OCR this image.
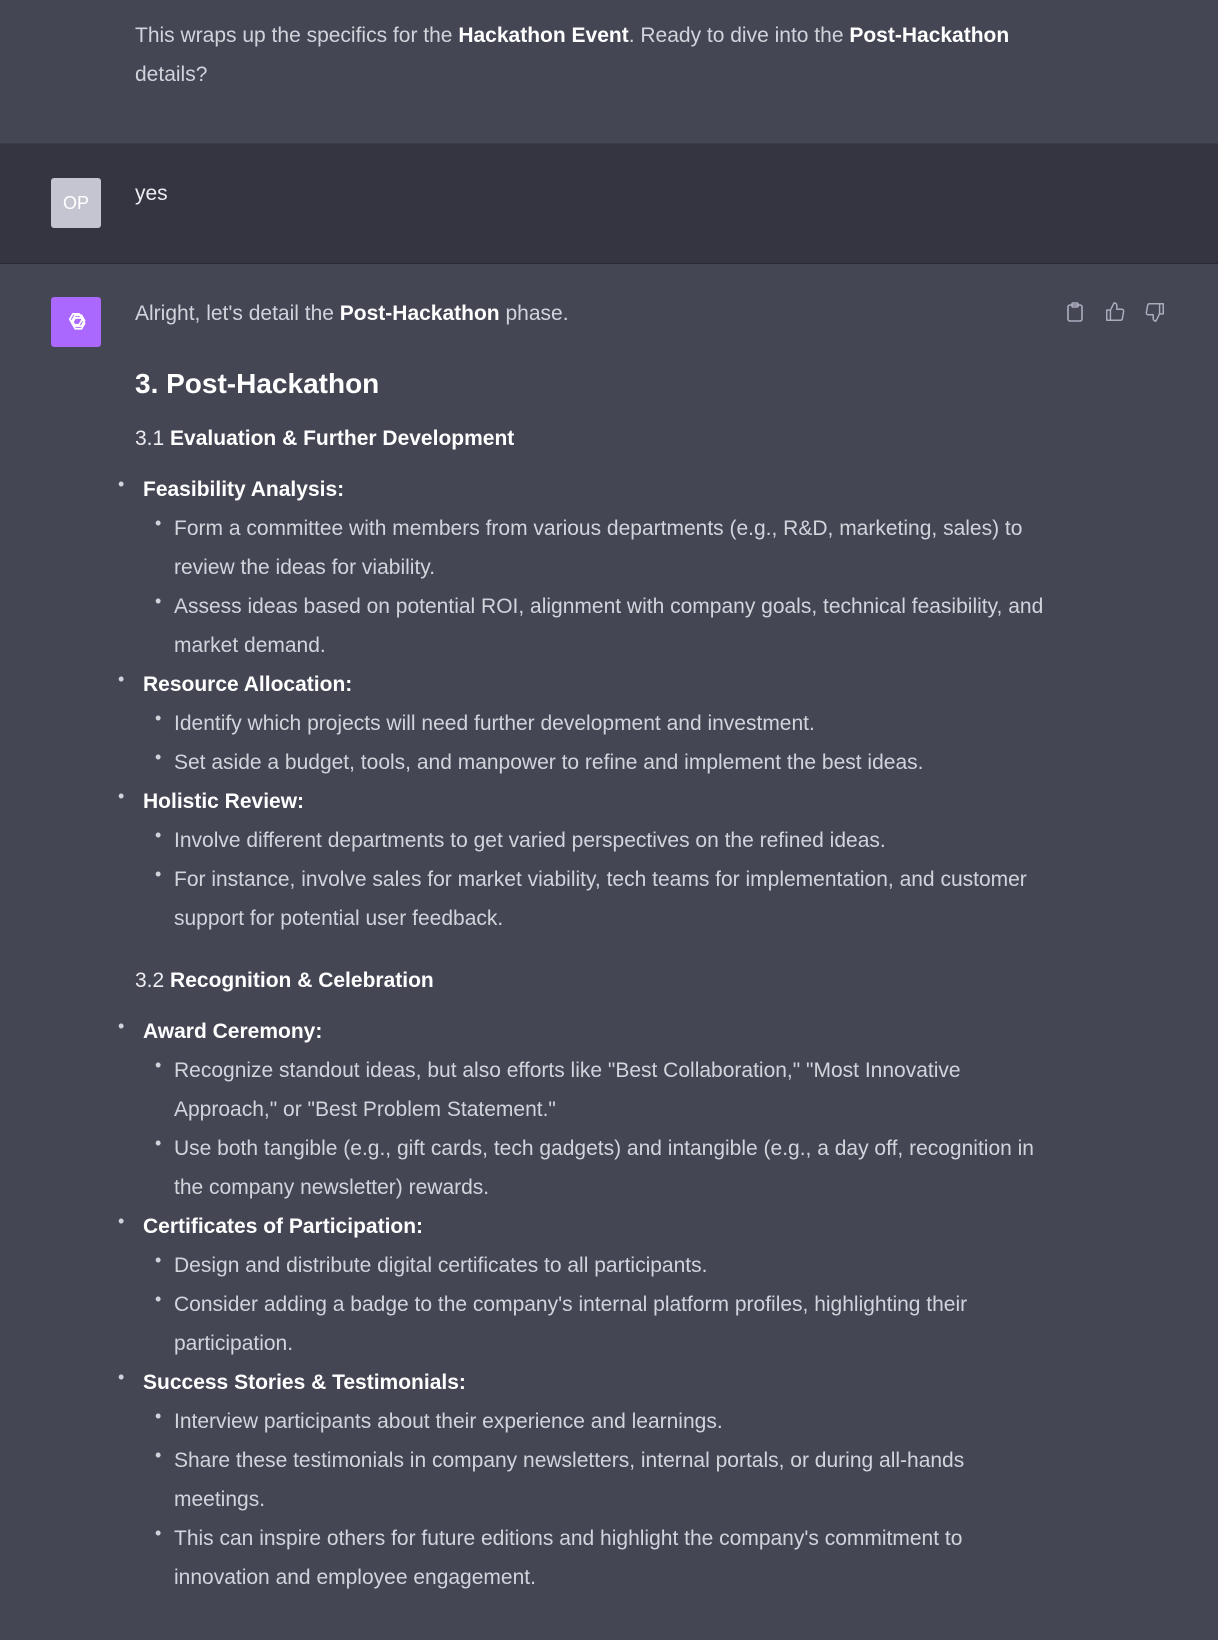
This wraps up the specifics for the Hackathon Event. Ready to dive into the Post-Hackathon details?
OP yes

Alright, let's detail the Post-Hackathon phase.

3. Post-Hackathon
3.1 Evaluation & Further Development
• Feasibility Analysis:
• Form a committee with members from various departments (e.g., R&D, marketing, sales) to review the ideas for viability.
• Assess ideas based on potential ROI, alignment with company goals, technical feasibility, and market demand.
• Resource Allocation:
• Identify which projects will need further development and investment.
• Set aside a budget, tools, and manpower to refine and implement the best ideas.
• Holistic Review:
• Involve different departments to get varied perspectives on the refined ideas.
• For instance, involve sales for market viability, tech teams for implementation, and customer support for potential user feedback.
3.2 Recognition & Celebration
• Award Ceremony:
• Recognize standout ideas, but also efforts like "Best Collaboration," "Most Innovative Approach," or "Best Problem Statement."
• Use both tangible (e.g., gift cards, tech gadgets) and intangible (e.g., a day off, recognition in the company newsletter) rewards.
• Certificates of Participation:
• Design and distribute digital certificates to all participants.
• Consider adding a badge to the company's internal platform profiles, highlighting their participation.
• Success Stories & Testimonials:
• Interview participants about their experience and learnings.
• Share these testimonials in company newsletters, internal portals, or during all-hands meetings.
• This can inspire others for future editions and highlight the company's commitment to innovation and employee engagement.
